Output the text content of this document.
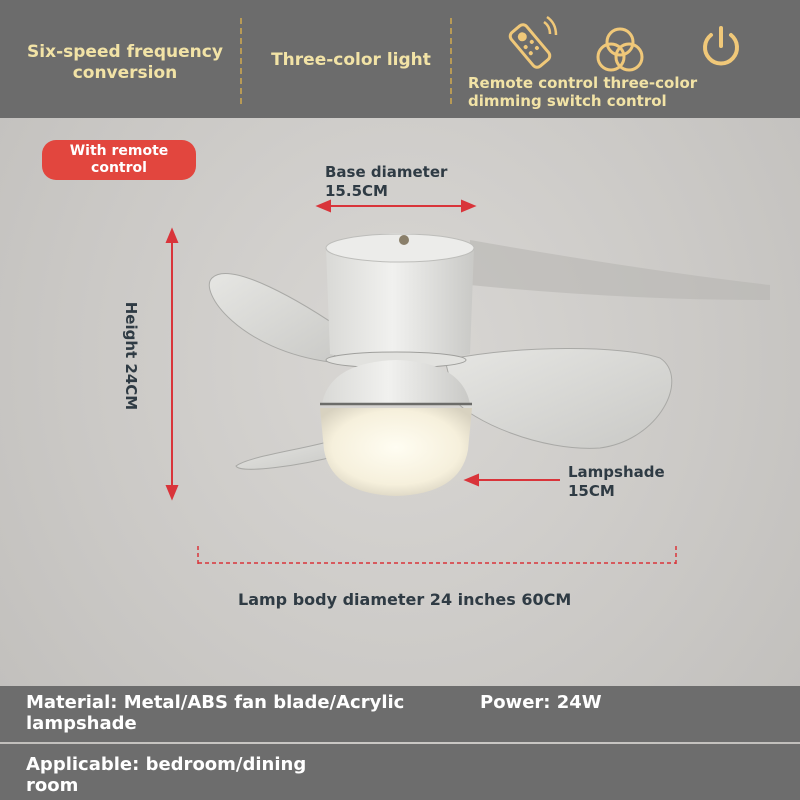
Six-speed frequency conversion
Three-color light
Remote control three-color dimming switch control
With remote control	Base diameter
15.5CM
Height 24CM
Lampshade
15CM
Lamp body diameter 24 inches 60CM
Material: Metal/ABS fan blade/Acrylic lampshade
Power: 24W
Applicable: bedroom/dining room
